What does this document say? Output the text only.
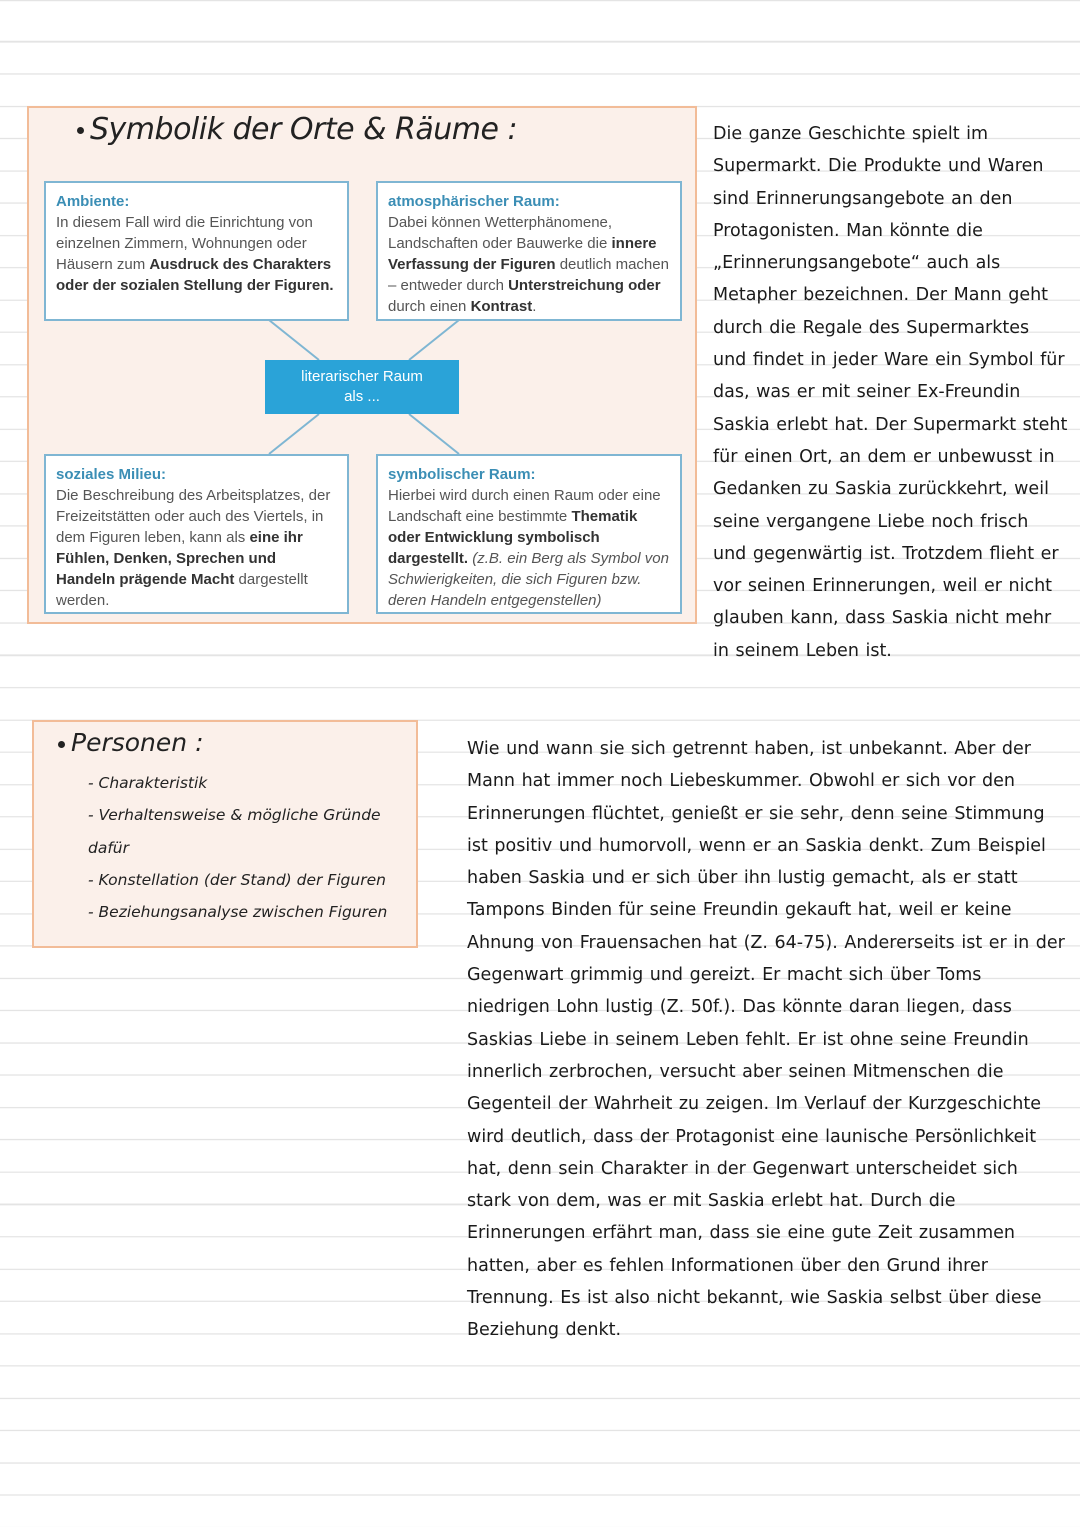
Symbolik der Orte & Räume :
Ambiente:
In diesem Fall wird die Einrichtung von einzelnen Zimmern, Wohnungen oder Häusern zum Ausdruck des Charakters oder der sozialen Stellung der Figuren.
atmosphärischer Raum:
Dabei können Wetterphänomene, Landschaften oder Bauwerke die innere Verfassung der Figuren deutlich machen – entweder durch Unterstreichung oder durch einen Kontrast.
literarischer Raum
als ...
soziales Milieu:
Die Beschreibung des Arbeitsplatzes, der Freizeitstätten oder auch des Viertels, in dem Figuren leben, kann als eine ihr Fühlen, Denken, Sprechen und Handeln prägende Macht dargestellt werden.
symbolischer Raum:
Hierbei wird durch einen Raum oder eine Landschaft eine bestimmte Thematik oder Entwicklung symbolisch dargestellt. (z.B. ein Berg als Symbol von Schwierigkeiten, die sich Figuren bzw. deren Handeln entgegenstellen)
Die ganze Geschichte spielt im Supermarkt. Die Produkte und Waren sind Erinnerungsangebote an den Protagonisten. Man könnte die „Erinnerungsangebote“ auch als Metapher bezeichnen. Der Mann geht durch die Regale des Supermarktes und findet in jeder Ware ein Symbol für das, was er mit seiner Ex-Freundin Saskia erlebt hat. Der Supermarkt steht für einen Ort, an dem er unbewusst in Gedanken zu Saskia zurückkehrt, weil seine vergangene Liebe noch frisch und gegenwärtig ist. Trotzdem flieht er vor seinen Erinnerungen, weil er nicht glauben kann, dass Saskia nicht mehr in seinem Leben ist.
Personen :
- Charakteristik
- Verhaltensweise & mögliche Gründe
dafür
- Konstellation (der Stand) der Figuren
- Beziehungsanalyse zwischen Figuren
Wie und wann sie sich getrennt haben, ist unbekannt. Aber der Mann hat immer noch Liebeskummer. Obwohl er sich vor den Erinnerungen flüchtet, genießt er sie sehr, denn seine Stimmung ist positiv und humorvoll, wenn er an Saskia denkt. Zum Beispiel haben Saskia und er sich über ihn lustig gemacht, als er statt Tampons Binden für seine Freundin gekauft hat, weil er keine Ahnung von Frauensachen hat (Z. 64-75). Andererseits ist er in der Gegenwart grimmig und gereizt. Er macht sich über Toms niedrigen Lohn lustig (Z. 50f.). Das könnte daran liegen, dass Saskias Liebe in seinem Leben fehlt. Er ist ohne seine Freundin innerlich zerbrochen, versucht aber seinen Mitmenschen die Gegenteil der Wahrheit zu zeigen. Im Verlauf der Kurzgeschichte wird deutlich, dass der Protagonist eine launische Persönlichkeit hat, denn sein Charakter in der Gegenwart unterscheidet sich stark von dem, was er mit Saskia erlebt hat. Durch die Erinnerungen erfährt man, dass sie eine gute Zeit zusammen hatten, aber es fehlen Informationen über den Grund ihrer Trennung. Es ist also nicht bekannt, wie Saskia selbst über diese Beziehung denkt.
